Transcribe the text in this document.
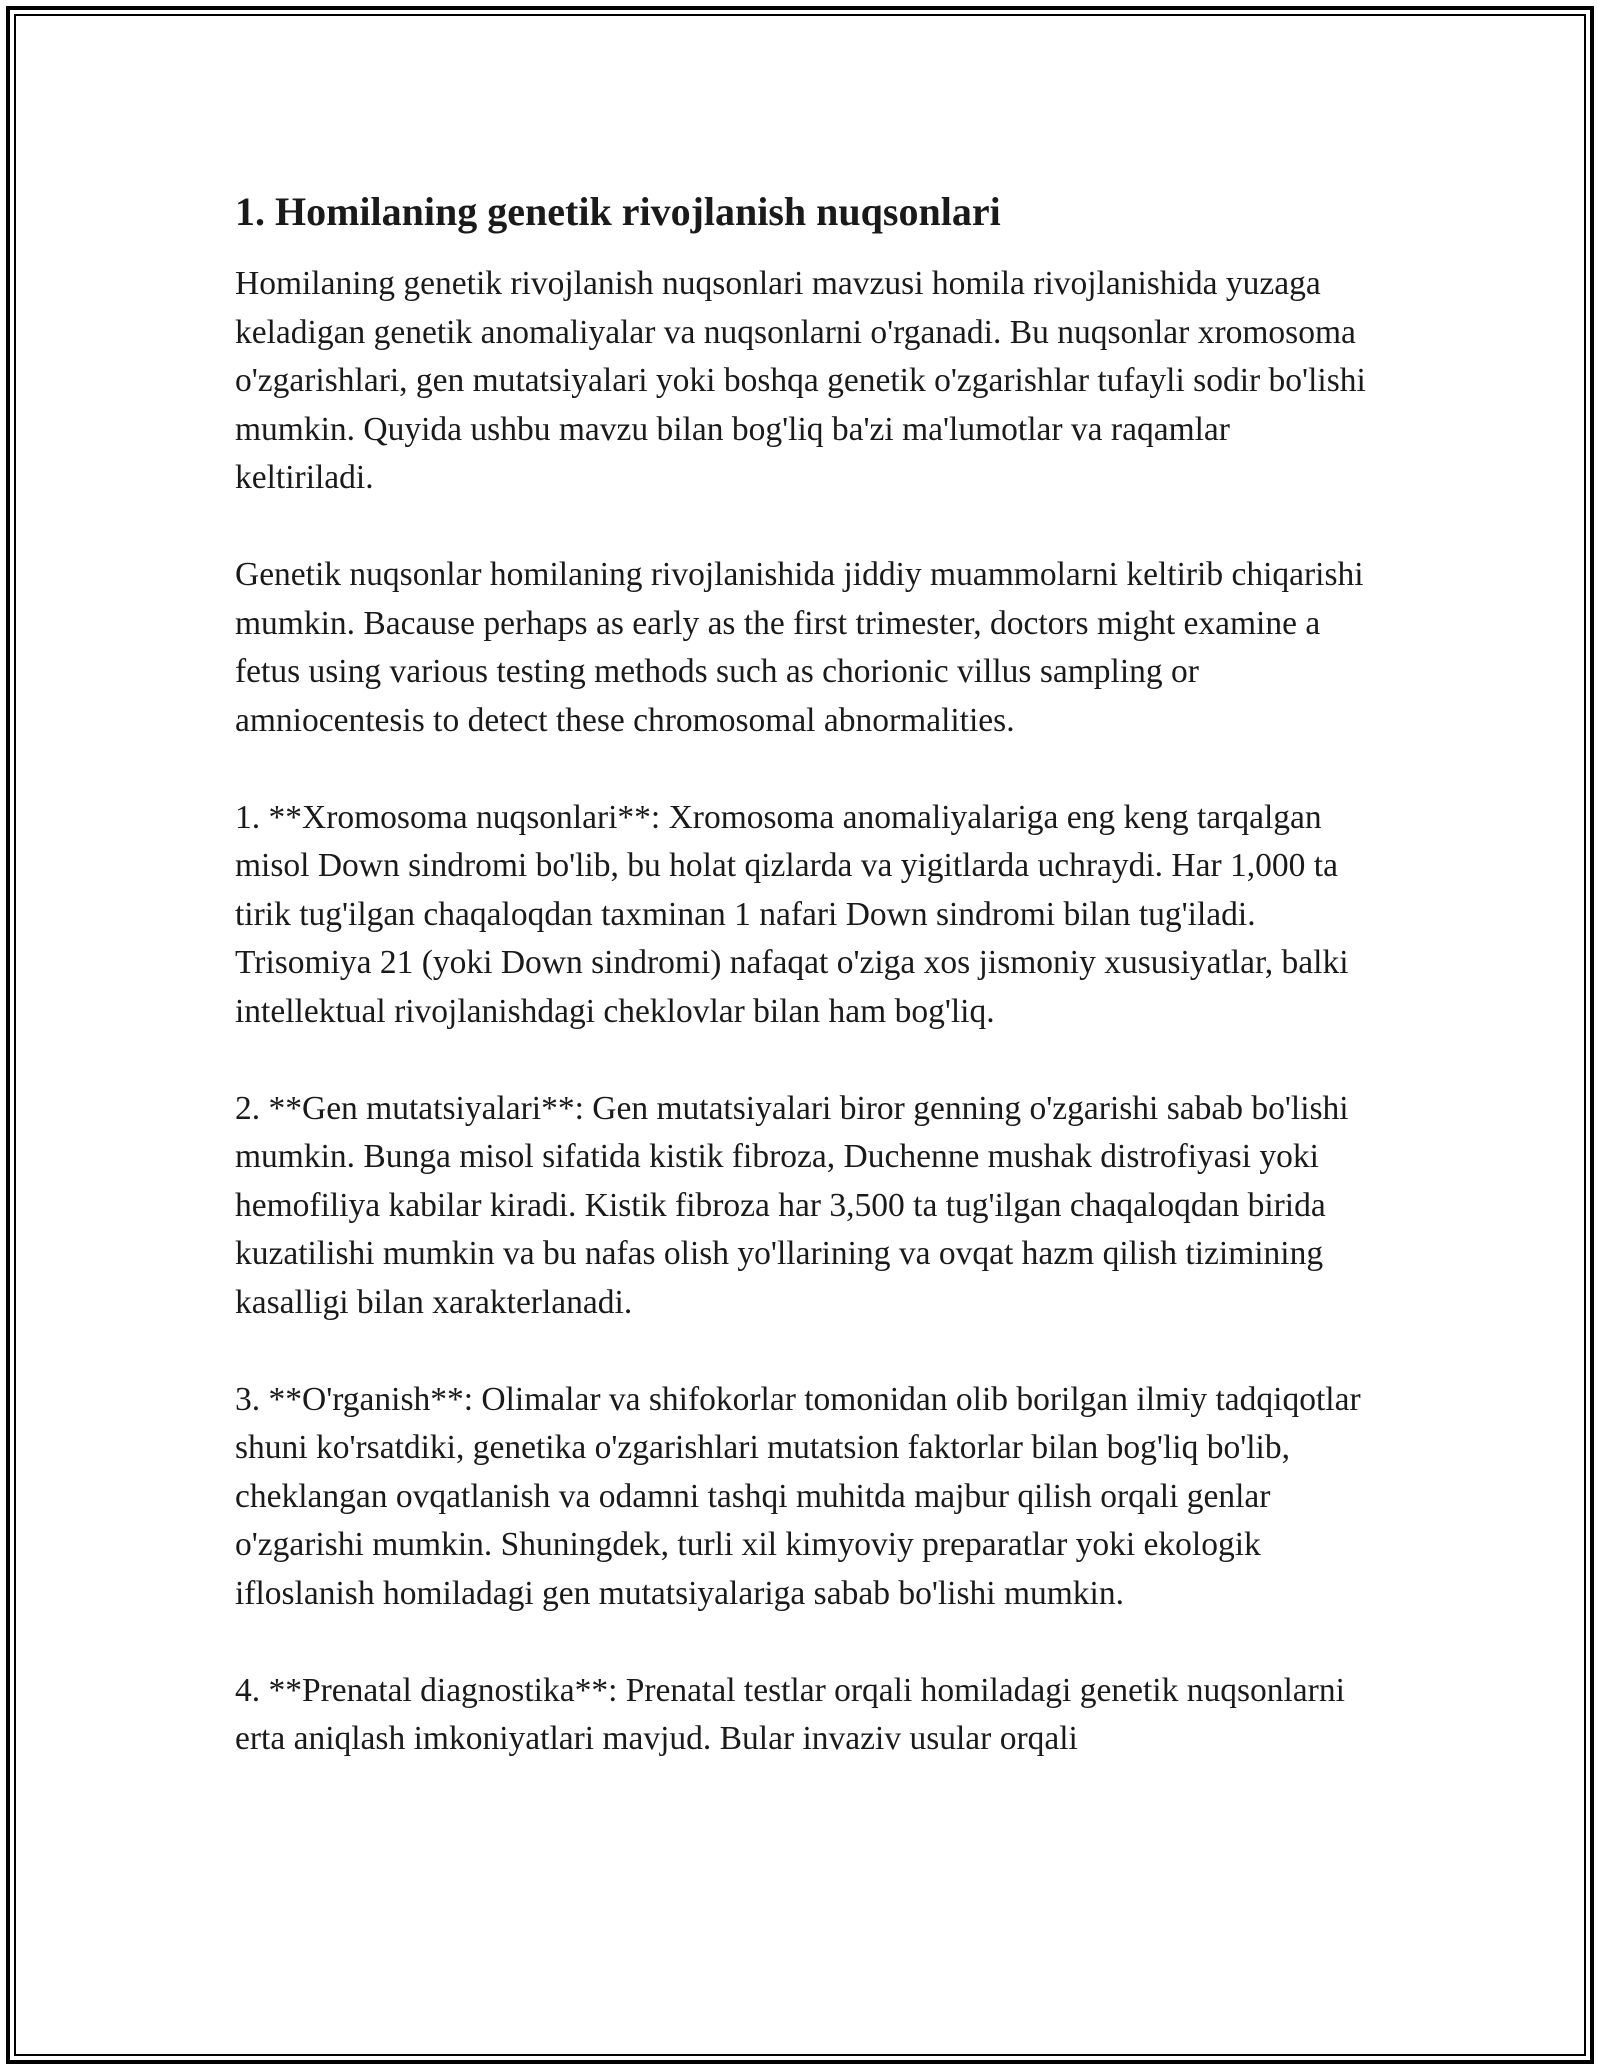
1. Homilaning genetik rivojlanish nuqsonlari

Homilaning genetik rivojlanish nuqsonlari mavzusi homila rivojlanishida yuzaga keladigan genetik anomaliyalar va nuqsonlarni o'rganadi. Bu nuqsonlar xromosoma o'zgarishlari, gen mutatsiyalari yoki boshqa genetik o'zgarishlar tufayli sodir bo'lishi mumkin. Quyida ushbu mavzu bilan bog'liq ba'zi ma'lumotlar va raqamlar keltiriladi.

Genetik nuqsonlar homilaning rivojlanishida jiddiy muammolarni keltirib chiqarishi mumkin. Bacause perhaps as early as the first trimester, doctors might examine a fetus using various testing methods such as chorionic villus sampling or amniocentesis to detect these chromosomal abnormalities.

1. **Xromosoma nuqsonlari**: Xromosoma anomaliyalariga eng keng tarqalgan misol Down sindromi bo'lib, bu holat qizlarda va yigitlarda uchraydi. Har 1,000 ta tirik tug'ilgan chaqaloqdan taxminan 1 nafari Down sindromi bilan tug'iladi. Trisomiya 21 (yoki Down sindromi) nafaqat o'ziga xos jismoniy xususiyatlar, balki intellektual rivojlanishdagi cheklovlar bilan ham bog'liq.

2. **Gen mutatsiyalari**: Gen mutatsiyalari biror genning o'zgarishi sabab bo'lishi mumkin. Bunga misol sifatida kistik fibroza, Duchenne mushak distrofiyasi yoki hemofiliya kabilar kiradi. Kistik fibroza har 3,500 ta tug'ilgan chaqaloqdan birida kuzatilishi mumkin va bu nafas olish yo'llarining va ovqat hazm qilish tizimining kasalligi bilan xarakterlanadi.

3. **O'rganish**: Olimalar va shifokorlar tomonidan olib borilgan ilmiy tadqiqotlar shuni ko'rsatdiki, genetika o'zgarishlari mutatsion faktorlar bilan bog'liq bo'lib, cheklangan ovqatlanish va odamni tashqi muhitda majbur qilish orqali genlar o'zgarishi mumkin. Shuningdek, turli xil kimyoviy preparatlar yoki ekologik ifloslanish homiladagi gen mutatsiyalariga sabab bo'lishi mumkin.

4. **Prenatal diagnostika**: Prenatal testlar orqali homiladagi genetik nuqsonlarni erta aniqlash imkoniyatlari mavjud. Bular invaziv usular orqali
